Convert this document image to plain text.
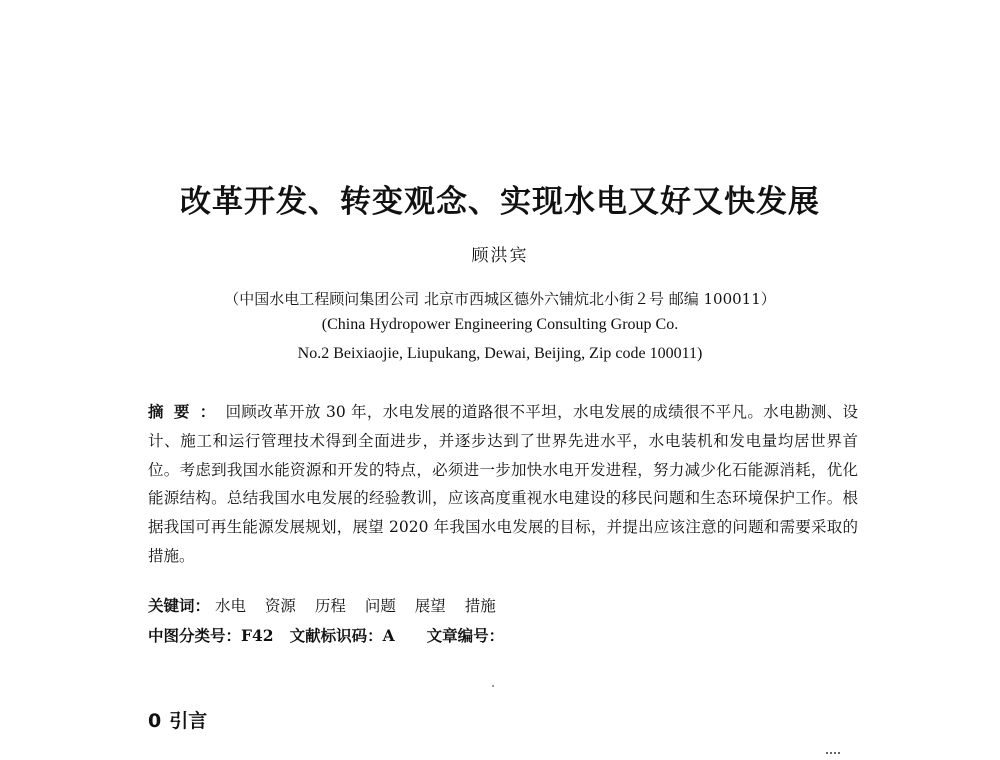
改革开发、转变观念、实现水电又好又快发展
顾洪宾
（中国水电工程顾问集团公司 北京市西城区德外六铺炕北小街２号 邮编 100011）
(China Hydropower Engineering Consulting Group Co.
No.2 Beixiaojie, Liupukang, Dewai, Beijing, Zip code 100011)

摘要：回顾改革开放 30 年，水电发展的道路很不平坦，水电发展的成绩很不平凡。水电勘测、设计、施工和运行管理技术得到全面进步，并逐步达到了世界先进水平，水电装机和发电量均居世界首位。考虑到我国水能资源和开发的特点，必须进一步加快水电开发进程，努力减少化石能源消耗，优化能源结构。总结我国水电发展的经验教训，应该高度重视水电建设的移民问题和生态环境保护工作。根据我国可再生能源发展规划，展望 2020 年我国水电发展的目标，并提出应该注意的问题和需要采取的措施。

关键词： 水电 资源 历程 问题 展望 措施
中图分类号：F42 文献标识码：A 文章编号：
0 引言
